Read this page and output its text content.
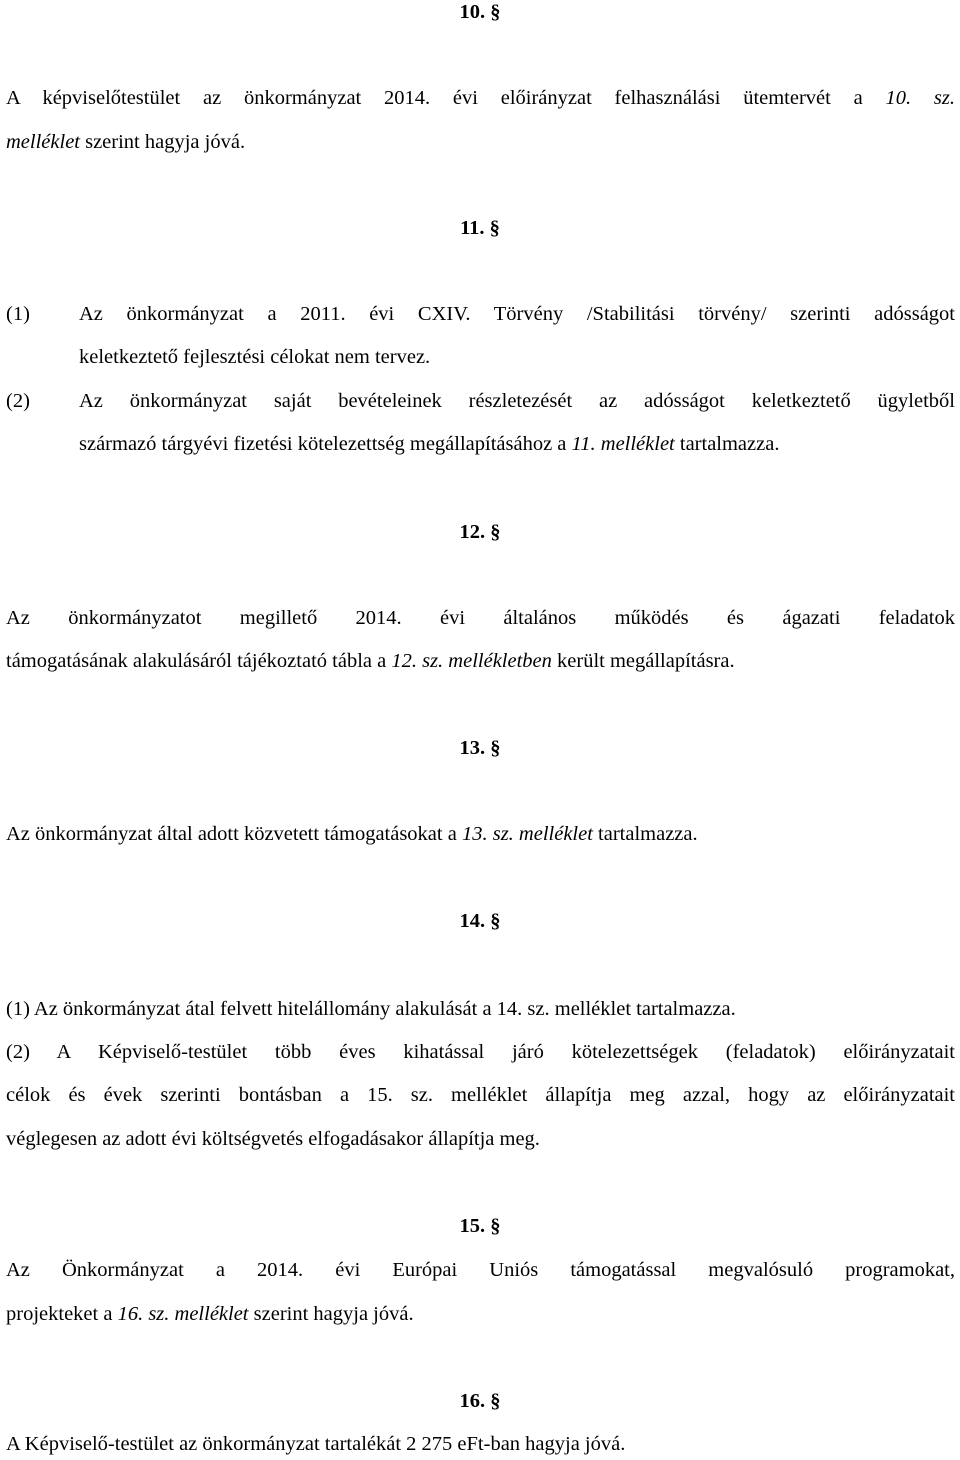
10. §
A képviselőtestület az önkormányzat 2014. évi előirányzat felhasználási ütemtervét a 10. sz.
melléklet szerint hagyja jóvá.
11. §
(1) Az önkormányzat a 2011. évi CXIV. Törvény /Stabilitási törvény/ szerinti adósságot
keletkeztető fejlesztési célokat nem tervez.
(2) Az önkormányzat saját bevételeinek részletezését az adósságot keletkeztető ügyletből
származó tárgyévi fizetési kötelezettség megállapításához a 11. melléklet tartalmazza.
12. §
Az önkormányzatot megillető 2014. évi általános működés és ágazati feladatok
támogatásának alakulásáról tájékoztató tábla a 12. sz. mellékletben került megállapításra.
13. §
Az önkormányzat által adott közvetett támogatásokat a 13. sz. melléklet tartalmazza.
14. §
(1) Az önkormányzat átal felvett hitelállomány alakulását a 14. sz. melléklet tartalmazza.
(2) A Képviselő-testület több éves kihatással járó kötelezettségek (feladatok) előirányzatait
célok és évek szerinti bontásban a 15. sz. melléklet állapítja meg azzal, hogy az előirányzatait
véglegesen az adott évi költségvetés elfogadásakor állapítja meg.
15. §
Az Önkormányzat a 2014. évi Európai Uniós támogatással megvalósuló programokat,
projekteket a 16. sz. melléklet szerint hagyja jóvá.
16. §
A Képviselő-testület az önkormányzat tartalékát 2 275 eFt-ban hagyja jóvá.
